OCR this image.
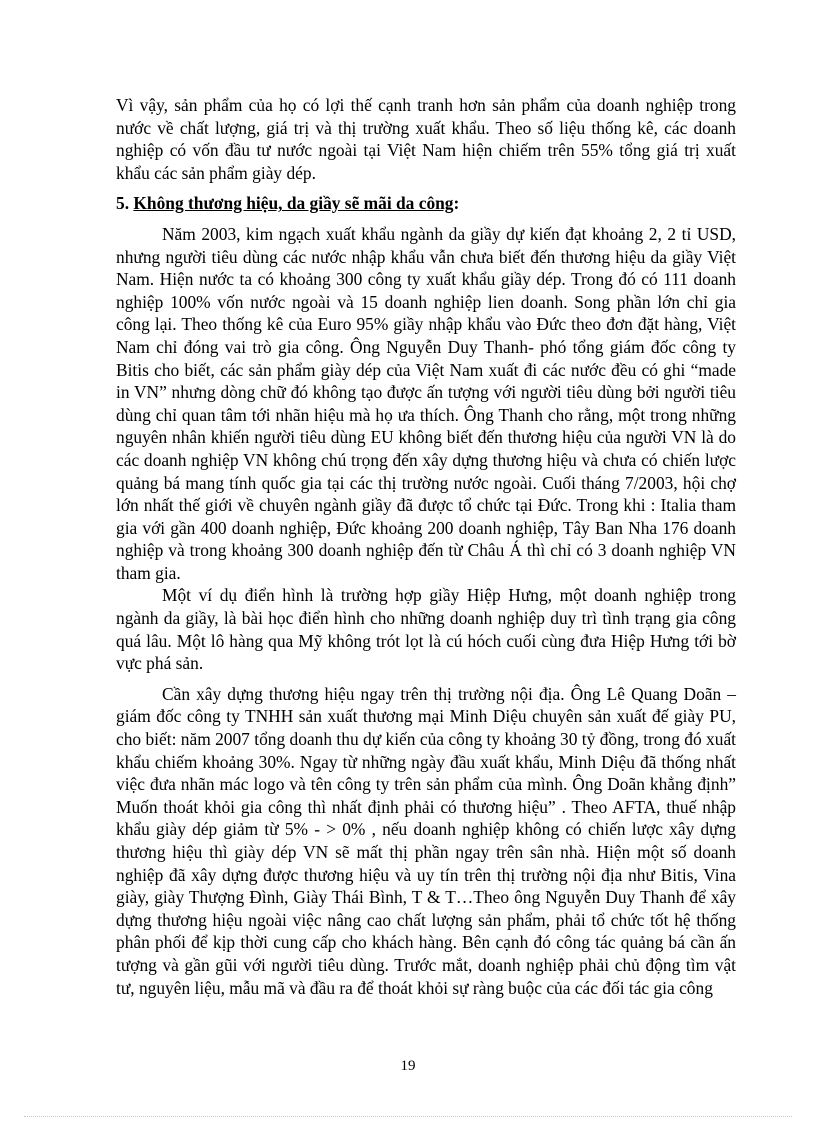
Vì vậy, sản phẩm của họ có lợi thế cạnh tranh hơn sản phẩm của doanh nghiệp trong nước về chất lượng, giá trị và thị trường xuất khẩu. Theo số liệu thống kê, các doanh nghiệp có vốn đầu tư nước ngoài tại Việt Nam hiện chiếm trên 55% tổng giá trị xuất khẩu các sản phẩm giày dép.

5. Không thương hiệu, da giầy sẽ mãi da công:

Năm 2003, kim ngạch xuất khẩu ngành da giầy dự kiến đạt khoảng 2, 2 tỉ USD, nhưng người tiêu dùng các nước nhập khẩu vẫn chưa biết đến thương hiệu da giầy Việt Nam. Hiện nước ta có khoảng 300 công ty xuất khẩu giầy dép. Trong đó có 111 doanh nghiệp 100% vốn nước ngoài và 15 doanh nghiệp lien doanh. Song phần lớn chỉ gia công lại. Theo thống kê của Euro 95% giầy nhập khẩu vào Đức theo đơn đặt hàng, Việt Nam chỉ đóng vai trò gia công. Ông Nguyễn Duy Thanh- phó tổng giám đốc công ty Bitis cho biết, các sản phẩm giày dép của Việt Nam xuất đi các nước đều có ghi “made in VN” nhưng dòng chữ đó không tạo được ấn tượng với người tiêu dùng bởi người tiêu dùng chỉ quan tâm tới nhãn hiệu mà họ ưa thích. Ông Thanh cho rằng, một trong những nguyên nhân khiến người tiêu dùng EU không biết đến thương hiệu của người VN là do các doanh nghiệp VN không chú trọng đến xây dựng thương hiệu và chưa có chiến lược quảng bá mang tính quốc gia tại các thị trường nước ngoài. Cuối tháng 7/2003, hội chợ lớn nhất thế giới về chuyên ngành giầy đã được tổ chức tại Đức. Trong khi : Italia tham gia với gần 400 doanh nghiệp, Đức khoảng 200 doanh nghiệp, Tây Ban Nha 176 doanh nghiệp và trong khoảng 300 doanh nghiệp đến từ Châu Á thì chỉ có 3 doanh nghiệp VN tham gia.

Một ví dụ điển hình là trường hợp giầy Hiệp Hưng, một doanh nghiệp trong ngành da giầy, là bài học điển hình cho những doanh nghiệp duy trì tình trạng gia công quá lâu. Một lô hàng qua Mỹ không trót lọt là cú hóch cuối cùng đưa Hiệp Hưng tới bờ vực phá sản.

Cần xây dựng thương hiệu ngay trên thị trường nội địa. Ông Lê Quang Doãn – giám đốc công ty TNHH sản xuất thương mại Minh Diệu chuyên sản xuất đế giày PU, cho biết: năm 2007 tổng doanh thu dự kiến của công ty khoảng 30 tỷ đồng, trong đó xuất khẩu chiếm khoảng 30%. Ngay từ những ngày đầu xuất khẩu, Minh Diệu đã thống nhất việc đưa nhãn mác logo và tên công ty trên sản phẩm của mình. Ông Doãn khẳng định” Muốn thoát khỏi gia công thì nhất định phải có thương hiệu” . Theo AFTA, thuế nhập khẩu giày dép giảm từ 5% - > 0% , nếu doanh nghiệp không có chiến lược xây dựng thương hiệu thì giày dép VN sẽ mất thị phần ngay trên sân nhà. Hiện một số doanh nghiệp đã xây dựng được thương hiệu và uy tín trên thị trường nội địa như Bitis, Vina giày, giày Thượng Đình, Giày Thái Bình, T & T…Theo ông Nguyễn Duy Thanh để xây dựng thương hiệu ngoài việc nâng cao chất lượng sản phẩm, phải tổ chức tốt hệ thống phân phối để kịp thời cung cấp cho khách hàng. Bên cạnh đó công tác quảng bá cần ấn tượng và gần gũi với người tiêu dùng. Trước mắt, doanh nghiệp phải chủ động tìm vật tư, nguyên liệu, mẫu mã và đầu ra để thoát khỏi sự ràng buộc của các đối tác gia công

19
